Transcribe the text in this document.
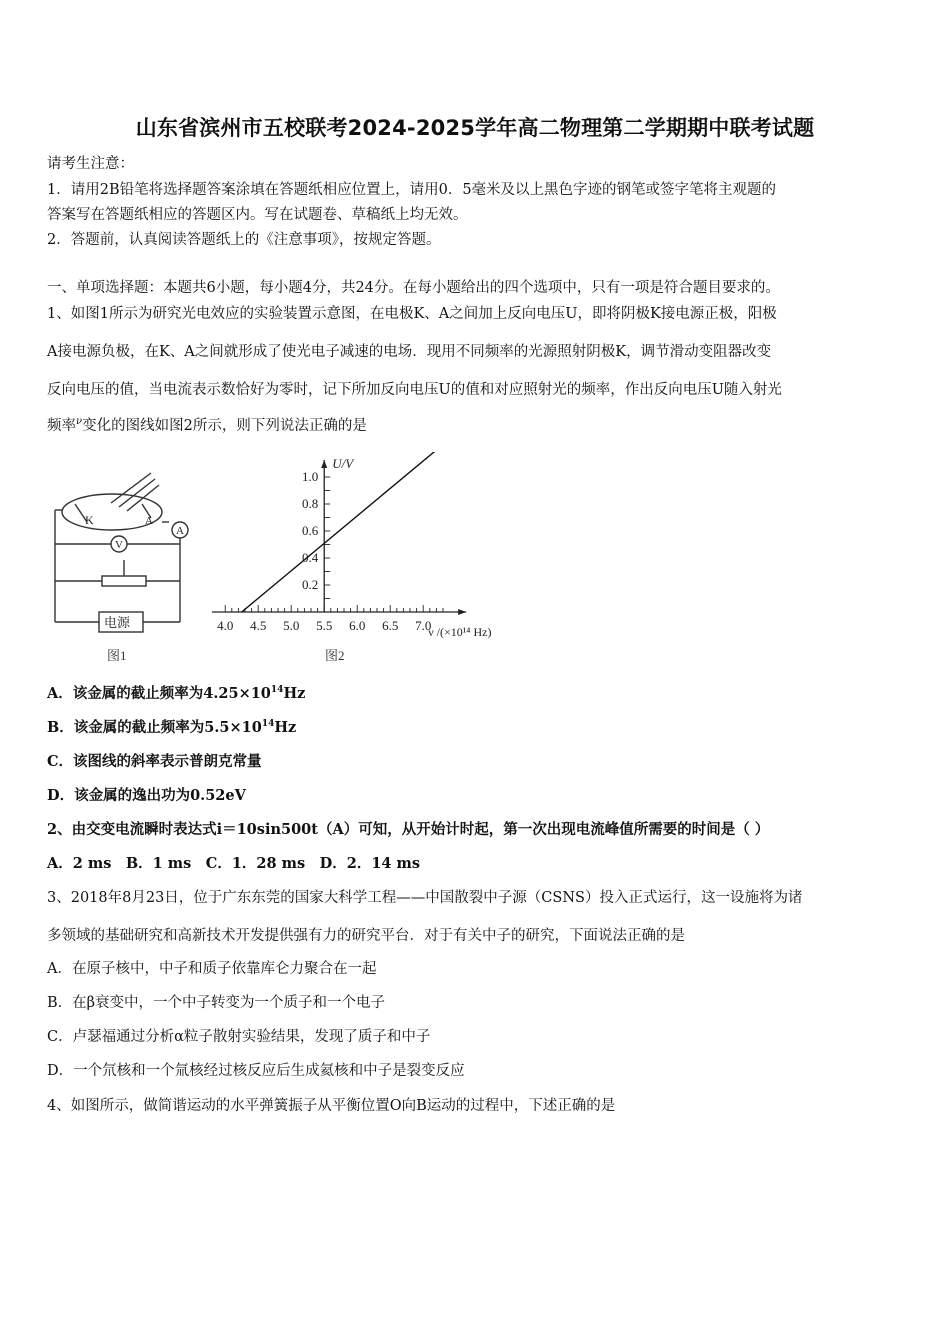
山东省滨州市五校联考2024-2025学年高二物理第二学期期中联考试题
请考生注意：
1．请用2B铅笔将选择题答案涂填在答题纸相应位置上，请用0．5毫米及以上黑色字迹的钢笔或签字笔将主观题的
答案写在答题纸相应的答题区内。写在试题卷、草稿纸上均无效。
2．答题前，认真阅读答题纸上的《注意事项》，按规定答题。
一、单项选择题：本题共6小题，每小题4分，共24分。在每小题给出的四个选项中，只有一项是符合题目要求的。
1、如图1所示为研究光电效应的实验装置示意图，在电极K、A之间加上反向电压U，即将阴极K接电源正极，阳极
A接电源负极，在K、A之间就形成了使光电子减速的电场．现用不同频率的光源照射阴极K，调节滑动变阻器改变
反向电压的值，当电流表示数恰好为零时，记下所加反向电压U的值和对应照射光的频率，作出反向电压U随入射光
频率$^\nu$变化的图线如图2所示，则下列说法正确的是
K	A
A
V
电源
图1
4.0 4.5 5.0 5.5 6.0 6.5 7.0
0.2
0.4
0.6
0.8
1.0
U/V
ν /(×10¹⁴ Hz)
图2
A．该金属的截止频率为$4.25\times 10^{14}Hz$
B．该金属的截止频率为$5.5\times 10^{14}Hz$
C．该图线的斜率表示普朗克常量
D．该金属的逸出功为0.52eV
2、由交变电流瞬时表达式i＝10sin500t（A）可知，从开始计时起，第一次出现电流峰值所需要的时间是（ ）
A．2 ms　B．1 ms　C．1．28 ms　D．2．14 ms
3、2018年8月23日，位于广东东莞的国家大科学工程——中国散裂中子源（CSNS）投入正式运行，这一设施将为诸
多领域的基础研究和高新技术开发提供强有力的研究平台．对于有关中子的研究，下面说法正确的是
A．在原子核中，中子和质子依靠库仑力聚合在一起
B．在β衰变中，一个中子转变为一个质子和一个电子
C．卢瑟福通过分析α粒子散射实验结果，发现了质子和中子
D．一个氘核和一个氚核经过核反应后生成氦核和中子是裂变反应
4、如图所示，做简谐运动的水平弹簧振子从平衡位置O向B运动的过程中，下述正确的是
